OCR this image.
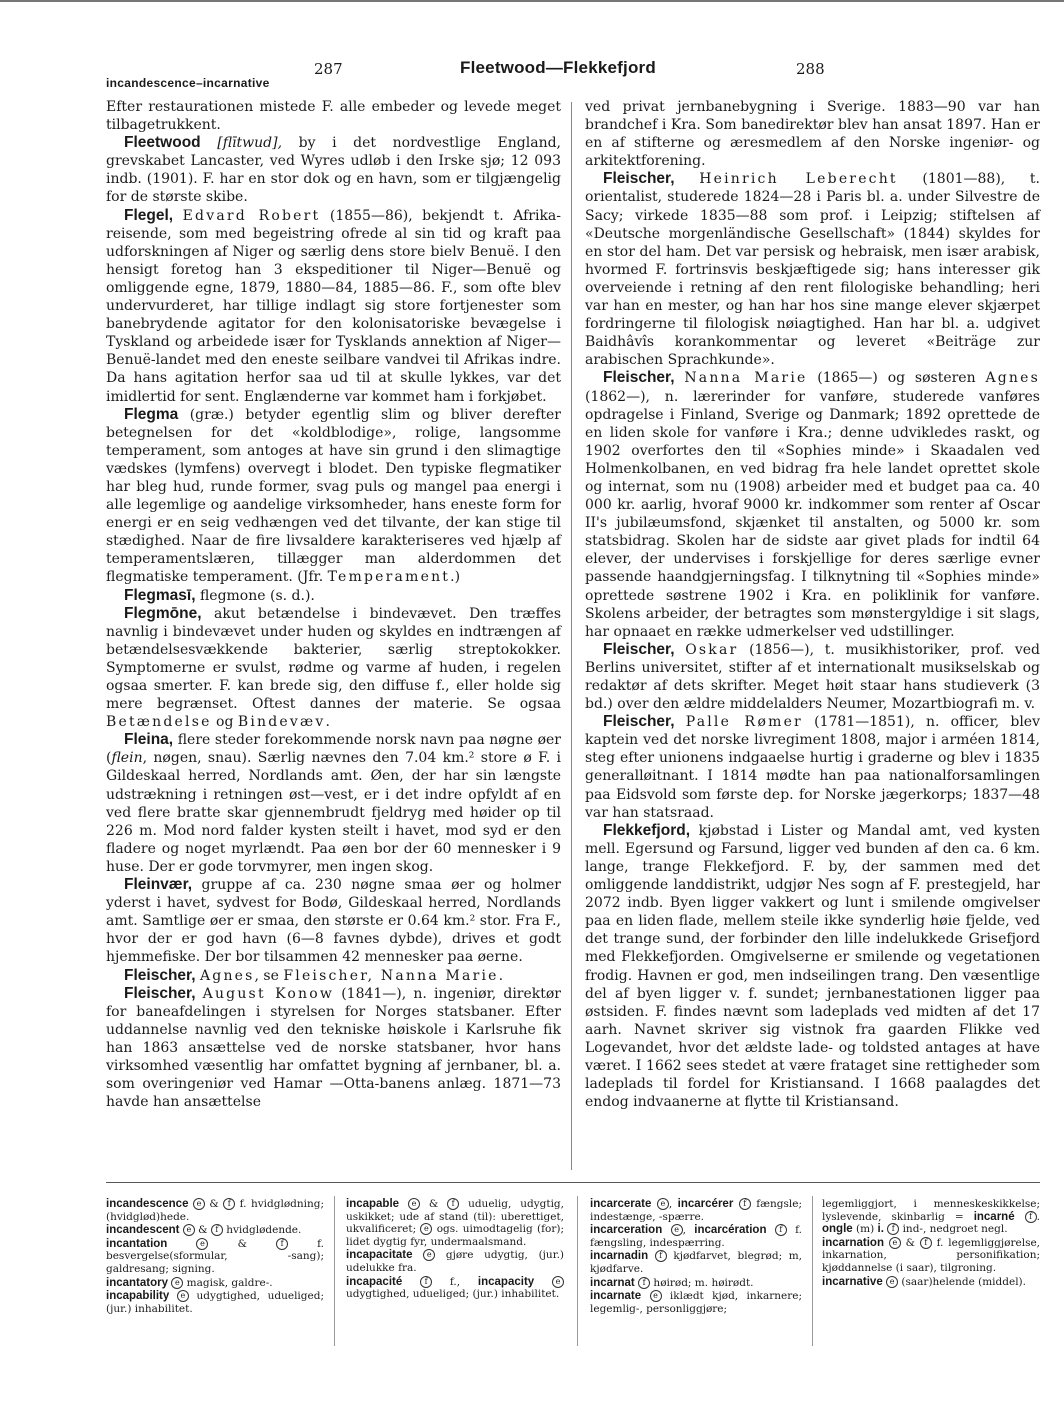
287	Fleetwood—Flekkefjord	288
incandescence–incarnative

Efter restaurationen mistede F. alle embeder og levede meget tilbagetrukkent.

Fleetwood [flītwud], by i det nordvestlige England, grevskabet Lancaster, ved Wyres udløb i den Irske sjø; 12 093 indb. (1901). F. har en stor dok og en havn, som er tilgjængelig for de største skibe.

Flegel, Edvard Robert (1855—86), bekjendt t. Afrika-reisende, som med begeistring ofrede al sin tid og kraft paa udforskningen af Niger og særlig dens store bielv Benuë. I den hensigt foretog han 3 ekspeditioner til Niger—Benuë og omliggende egne, 1879, 1880—84, 1885—86. F., som ofte blev undervurderet, har tillige indlagt sig store fortjenester som banebrydende agitator for den kolonisatoriske bevægelse i Tyskland og arbeidede især for Tysklands annektion af Niger—Benuë-landet med den eneste seilbare vandvei til Afrikas indre. Da hans agitation herfor saa ud til at skulle lykkes, var det imidlertid for sent. Englænderne var kommet ham i forkjøbet.

Flegma (græ.) betyder egentlig slim og bliver derefter betegnelsen for det «koldblodige», rolige, langsomme temperament, som antoges at have sin grund i den slimagtige vædskes (lymfens) overvegt i blodet. Den typiske flegmatiker har bleg hud, runde former, svag puls og mangel paa energi i alle legemlige og aandelige virksomheder, hans eneste form for energi er en seig vedhængen ved det tilvante, der kan stige til stædighed. Naar de fire livsaldere karakteriseres ved hjælp af temperamentslæren, tillægger man alderdommen det flegmatiske temperament. (Jfr. Temperament.)

Flegmasī, flegmone (s. d.).

Flegmōne, akut betændelse i bindevævet. Den træffes navnlig i bindevævet under huden og skyldes en indtrængen af betændelsesvækkende bakterier, særlig streptokokker. Symptomerne er svulst, rødme og varme af huden, i regelen ogsaa smerter. F. kan brede sig, den diffuse f., eller holde sig mere begrænset. Oftest dannes der materie. Se ogsaa Betændelse og Bindevæv.

Fleina, flere steder forekommende norsk navn paa nøgne øer (flein, nøgen, snau). Særlig nævnes den 7.04 km.² store ø F. i Gildeskaal herred, Nordlands amt. Øen, der har sin længste udstrækning i retningen øst—vest, er i det indre opfyldt af en ved flere bratte skar gjennembrudt fjeldryg med høider op til 226 m. Mod nord falder kysten steilt i havet, mod syd er den fladere og noget myrlændt. Paa øen bor der 60 mennesker i 9 huse. Der er gode torvmyrer, men ingen skog.

Fleinvær, gruppe af ca. 230 nøgne smaa øer og holmer yderst i havet, sydvest for Bodø, Gildeskaal herred, Nordlands amt. Samtlige øer er smaa, den største er 0.64 km.² stor. Fra F., hvor der er god havn (6—8 favnes dybde), drives et godt hjemmefiske. Der bor tilsammen 42 mennesker paa øerne.

Fleischer, Agnes, se Fleischer, Nanna Marie.

Fleischer, August Konow (1841—), n. ingeniør, direktør for baneafdelingen i styrelsen for Norges statsbaner. Efter uddannelse navnlig ved den tekniske høiskole i Karlsruhe fik han 1863 ansættelse ved de norske statsbaner, hvor hans virksomhed væsentlig har omfattet bygning af jernbaner, bl. a. som overingeniør ved Hamar —Otta-banens anlæg. 1871—73 havde han ansættelse

ved privat jernbanebygning i Sverige. 1883—90 var han brandchef i Kra. Som banedirektør blev han ansat 1897. Han er en af stifterne og æresmedlem af den Norske ingeniør- og arkitektforening.

Fleischer, Heinrich Leberecht (1801—88), t. orientalist, studerede 1824—28 i Paris bl. a. under Silvestre de Sacy; virkede 1835—88 som prof. i Leipzig; stiftelsen af «Deutsche morgenländische Gesellschaft» (1844) skyldes for en stor del ham. Det var persisk og hebraisk, men især arabisk, hvormed F. fortrinsvis beskjæftigede sig; hans interesser gik overveiende i retning af den rent filologiske behandling; heri var han en mester, og han har hos sine mange elever skjærpet fordringerne til filologisk nøiagtighed. Han har bl. a. udgivet Baidhâvîs korankommentar og leveret «Beiträge zur arabischen Sprachkunde».

Fleischer, Nanna Marie (1865—) og søsteren Agnes (1862—), n. lærerinder for vanføre, studerede vanføres opdragelse i Finland, Sverige og Danmark; 1892 oprettede de en liden skole for vanføre i Kra.; denne udvikledes raskt, og 1902 overfortes den til «Sophies minde» i Skaadalen ved Holmenkolbanen, en ved bidrag fra hele landet oprettet skole og internat, som nu (1908) arbeider med et budget paa ca. 40 000 kr. aarlig, hvoraf 9000 kr. indkommer som renter af Oscar II's jubilæumsfond, skjænket til anstalten, og 5000 kr. som statsbidrag. Skolen har de sidste aar givet plads for indtil 64 elever, der undervises i forskjellige for deres særlige evner passende haandgjerningsfag. I tilknytning til «Sophies minde» oprettede søstrene 1902 i Kra. en poliklinik for vanføre. Skolens arbeider, der betragtes som mønstergyldige i sit slags, har opnaaet en række udmerkelser ved udstillinger.

Fleischer, Oskar (1856—), t. musikhistoriker, prof. ved Berlins universitet, stifter af et internationalt musikselskab og redaktør af dets skrifter. Meget høit staar hans studieverk (3 bd.) over den ældre middelalders Neumer, Mozartbiografi m. v.

Fleischer, Palle Rømer (1781—1851), n. officer, blev kaptein ved det norske livregiment 1808, major i arméen 1814, steg efter unionens indgaaelse hurtig i graderne og blev i 1835 generalløitnant. I 1814 mødte han paa nationalforsamlingen paa Eidsvold som første dep. for Norske jægerkorps; 1837—48 var han statsraad.

Flekkefjord, kjøbstad i Lister og Mandal amt, ved kysten mell. Egersund og Farsund, ligger ved bunden af den ca. 6 km. lange, trange Flekkefjord. F. by, der sammen med det omliggende landdistrikt, udgjør Nes sogn af F. prestegjeld, har 2072 indb. Byen ligger vakkert og lunt i smilende omgivelser paa en liden flade, mellem steile ikke synderlig høie fjelde, ved det trange sund, der forbinder den lille indelukkede Grisefjord med Flekkefjorden. Omgivelserne er smilende og vegetationen frodig. Havnen er god, men indseilingen trang. Den væsentlige del af byen ligger v. f. sundet; jernbanestationen ligger paa østsiden. F. findes nævnt som ladeplads ved midten af det 17 aarh. Navnet skriver sig vistnok fra gaarden Flikke ved Logevandet, hvor det ældste lade- og toldsted antages at have været. I 1662 sees stedet at være frataget sine rettigheder som ladeplads til fordel for Kristiansand. I 1668 paalagdes det endog indvaanerne at flytte til Kristiansand.

incandescence e & f f. hvidglødning; (hvidglød)hede.

incandescent e & f hvidglødende.

incantation	e & f f. besvergelse(sformular, -sang); galdresang; signing.

incantatory e magisk, galdre-.

incapability e udygtighed, udueliged; (jur.) inhabilitet.

incapable e & f uduelig, udygtig, uskikket; ude af stand (til): uberettiget, ukvalificeret; e ogs. uimodtagelig (for); lidet dygtig fyr, undermaalsmand.

incapacitate e gjøre udygtig, (jur.) udelukke fra.

incapacité	f f., incapacity	e udygtighed, udueliged; (jur.) inhabilitet.

incarcerate e , incarcérer f fængsle; indestænge, -spærre.

incarceration e , incarcération f f. fængsling, indespærring.

incarnadin f kjødfarvet, blegrød; m, kjødfarve.

incarnat f høirød; m. høirødt.

incarnate e iklædt kjød, inkarnere; legemlig-, personliggjøre;

legemliggjort, i menneskeskikkelse; lyslevende, skinbarlig = incarné f . ongle (m) i. f ind-, nedgroet negl.

incarnation e & f f. legemliggjørelse, inkarnation, personifikation; kjøddannelse (i saar), tilgroning.

incarnative e (saar)helende (middel).
